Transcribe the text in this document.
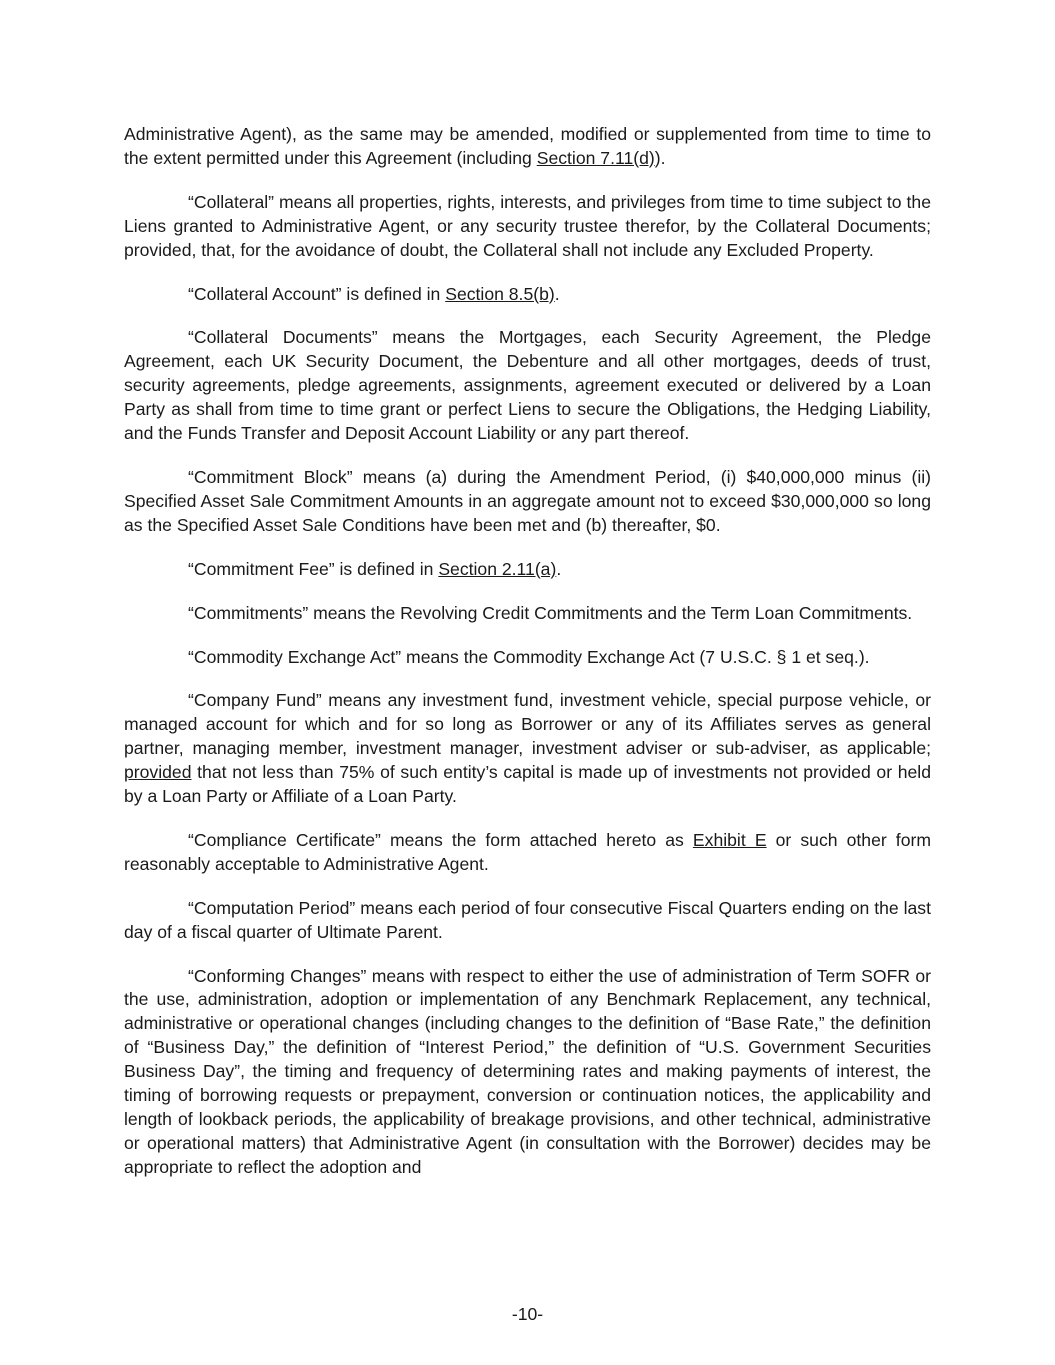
Administrative Agent), as the same may be amended, modified or supplemented from time to time to the extent permitted under this Agreement (including Section 7.11(d)).

“Collateral” means all properties, rights, interests, and privileges from time to time subject to the Liens granted to Administrative Agent, or any security trustee therefor, by the Collateral Documents; provided, that, for the avoidance of doubt, the Collateral shall not include any Excluded Property.

“Collateral Account” is defined in Section 8.5(b).

“Collateral Documents” means the Mortgages, each Security Agreement, the Pledge Agreement, each UK Security Document, the Debenture and all other mortgages, deeds of trust, security agreements, pledge agreements, assignments, agreement executed or delivered by a Loan Party as shall from time to time grant or perfect Liens to secure the Obligations, the Hedging Liability, and the Funds Transfer and Deposit Account Liability or any part thereof.

“Commitment Block” means (a) during the Amendment Period, (i) $40,000,000 minus (ii) Specified Asset Sale Commitment Amounts in an aggregate amount not to exceed $30,000,000 so long as the Specified Asset Sale Conditions have been met and (b) thereafter, $0.

“Commitment Fee” is defined in Section 2.11(a).

“Commitments” means the Revolving Credit Commitments and the Term Loan Commitments.

“Commodity Exchange Act” means the Commodity Exchange Act (7 U.S.C. § 1 et seq.).

“Company Fund” means any investment fund, investment vehicle, special purpose vehicle, or managed account for which and for so long as Borrower or any of its Affiliates serves as general partner, managing member, investment manager, investment adviser or sub-adviser, as applicable; provided that not less than 75% of such entity’s capital is made up of investments not provided or held by a Loan Party or Affiliate of a Loan Party.

“Compliance Certificate” means the form attached hereto as Exhibit E or such other form reasonably acceptable to Administrative Agent.

“Computation Period” means each period of four consecutive Fiscal Quarters ending on the last day of a fiscal quarter of Ultimate Parent.

“Conforming Changes” means with respect to either the use of administration of Term SOFR or the use, administration, adoption or implementation of any Benchmark Replacement, any technical, administrative or operational changes (including changes to the definition of “Base Rate,” the definition of “Business Day,” the definition of “Interest Period,” the definition of “U.S. Government Securities Business Day”, the timing and frequency of determining rates and making payments of interest, the timing of borrowing requests or prepayment, conversion or continuation notices, the applicability and length of lookback periods, the applicability of breakage provisions, and other technical, administrative or operational matters) that Administrative Agent (in consultation with the Borrower) decides may be appropriate to reflect the adoption and

-10-
